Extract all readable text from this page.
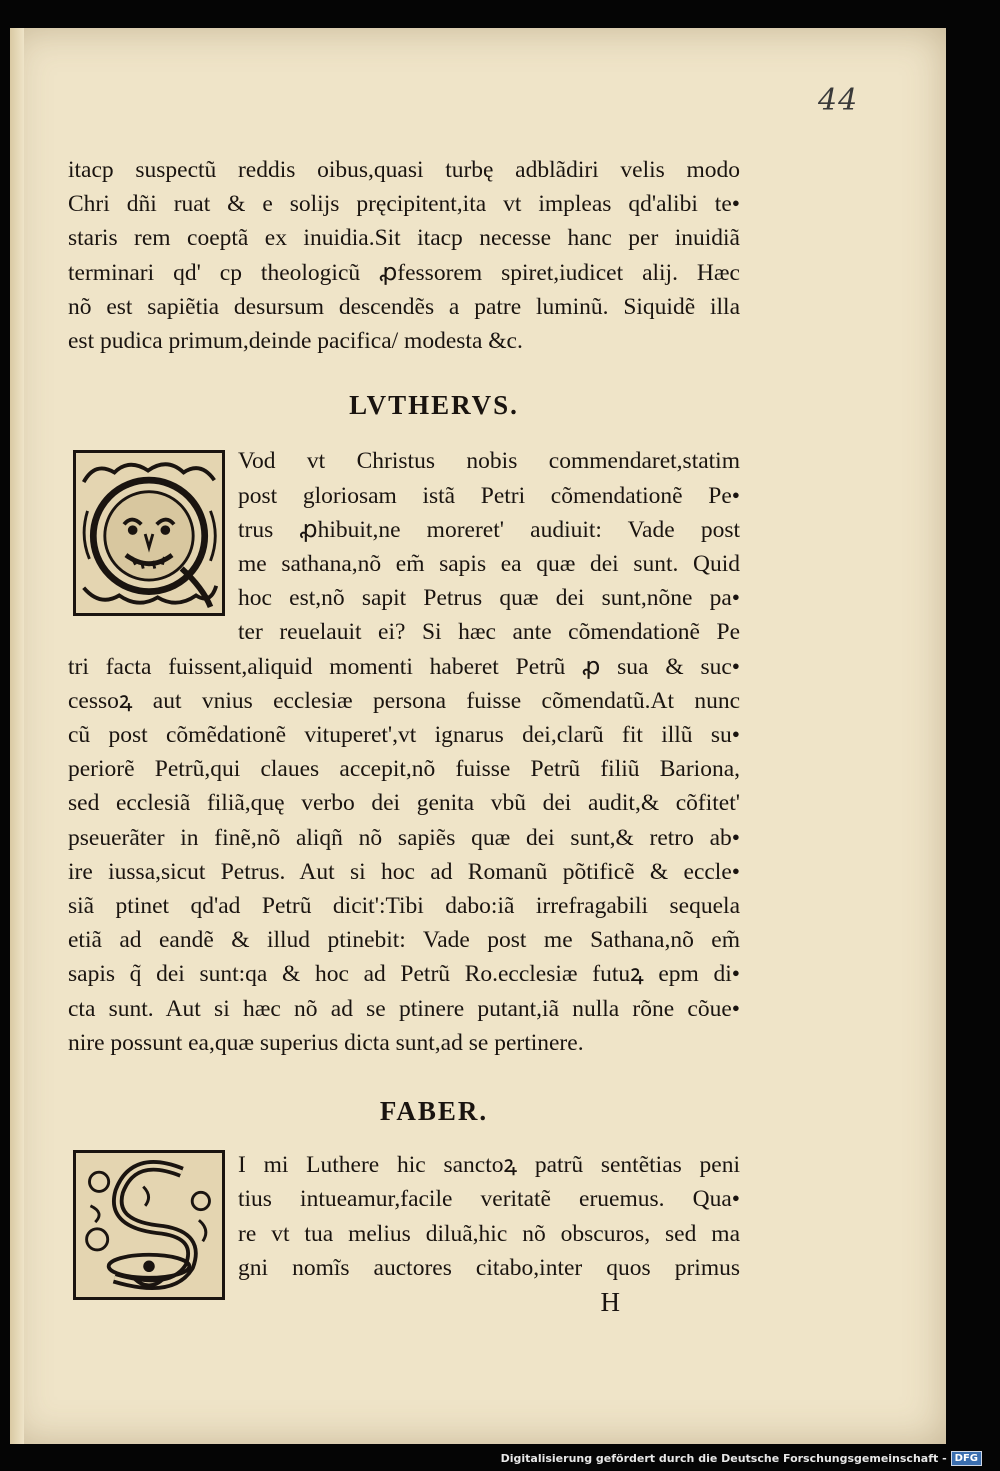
44

itacp suspectũ reddis oibus,quasi turbę adblãdiri velis modo
Chri dñi ruat & e solijs pręcipitent,ita vt impleas qd'alibi te•
staris rem coeptã ex inuidia.Sit itacp necesse hanc per inuidiã
terminari qd' cp theologicũ ꝓfessorem spiret,iudicet alij. Hæc
nõ est sapiẽtia desursum descendẽs a patre luminũ. Siquidẽ illa
est pudica primum,deinde pacifica/ modesta &c.
LVTHERVS.
Vod vt Christus nobis commendaret,statim
post gloriosam istã Petri cõmendationẽ Pe•
trus ꝓhibuit,ne moreret' audiuit: Vade post
me sathana,nõ em̃ sapis ea quæ dei sunt. Quid
hoc est,nõ sapit Petrus quæ dei sunt,nõne pa•
ter reuelauit ei? Si hæc ante cõmendationẽ Pe
tri facta fuissent,aliquid momenti haberet Petrũ ꝓ sua & suc•
cessoꝝ aut vnius ecclesiæ persona fuisse cõmendatũ.At nunc
cũ post cõmẽdationẽ vituperet',vt ignarus dei,clarũ fit illũ su•
periorẽ Petrũ,qui claues accepit,nõ fuisse Petrũ filiũ Bariona,
sed ecclesiã filiã,quę verbo dei genita vbũ dei audit,& cõfitet'
pseuerãter in finẽ,nõ aliqñ nõ sapiẽs quæ dei sunt,& retro ab•
ire iussa,sicut Petrus. Aut si hoc ad Romanũ põtificẽ & eccle•
siã ptinet qd'ad Petrũ dicit':Tibi dabo:iã irrefragabili sequela
etiã ad eandẽ & illud ptinebit: Vade post me Sathana,nõ em̃
sapis q̃ dei sunt:qa & hoc ad Petrũ Ro.ecclesiæ futuꝝ epm di•
cta sunt. Aut si hæc nõ ad se ptinere putant,iã nulla rõne cõue•
nire possunt ea,quæ superius dicta sunt,ad se pertinere.
FABER.
I mi Luthere hic sanctoꝝ patrũ sentẽtias peni
tius intueamur,facile veritatẽ eruemus. Qua•
re vt tua melius diluã,hic nõ obscuros, sed ma
gni nomĩs auctores citabo,inter quos primus

H

Digitalisierung gefördert durch die Deutsche Forschungsgemeinschaft - DFG
